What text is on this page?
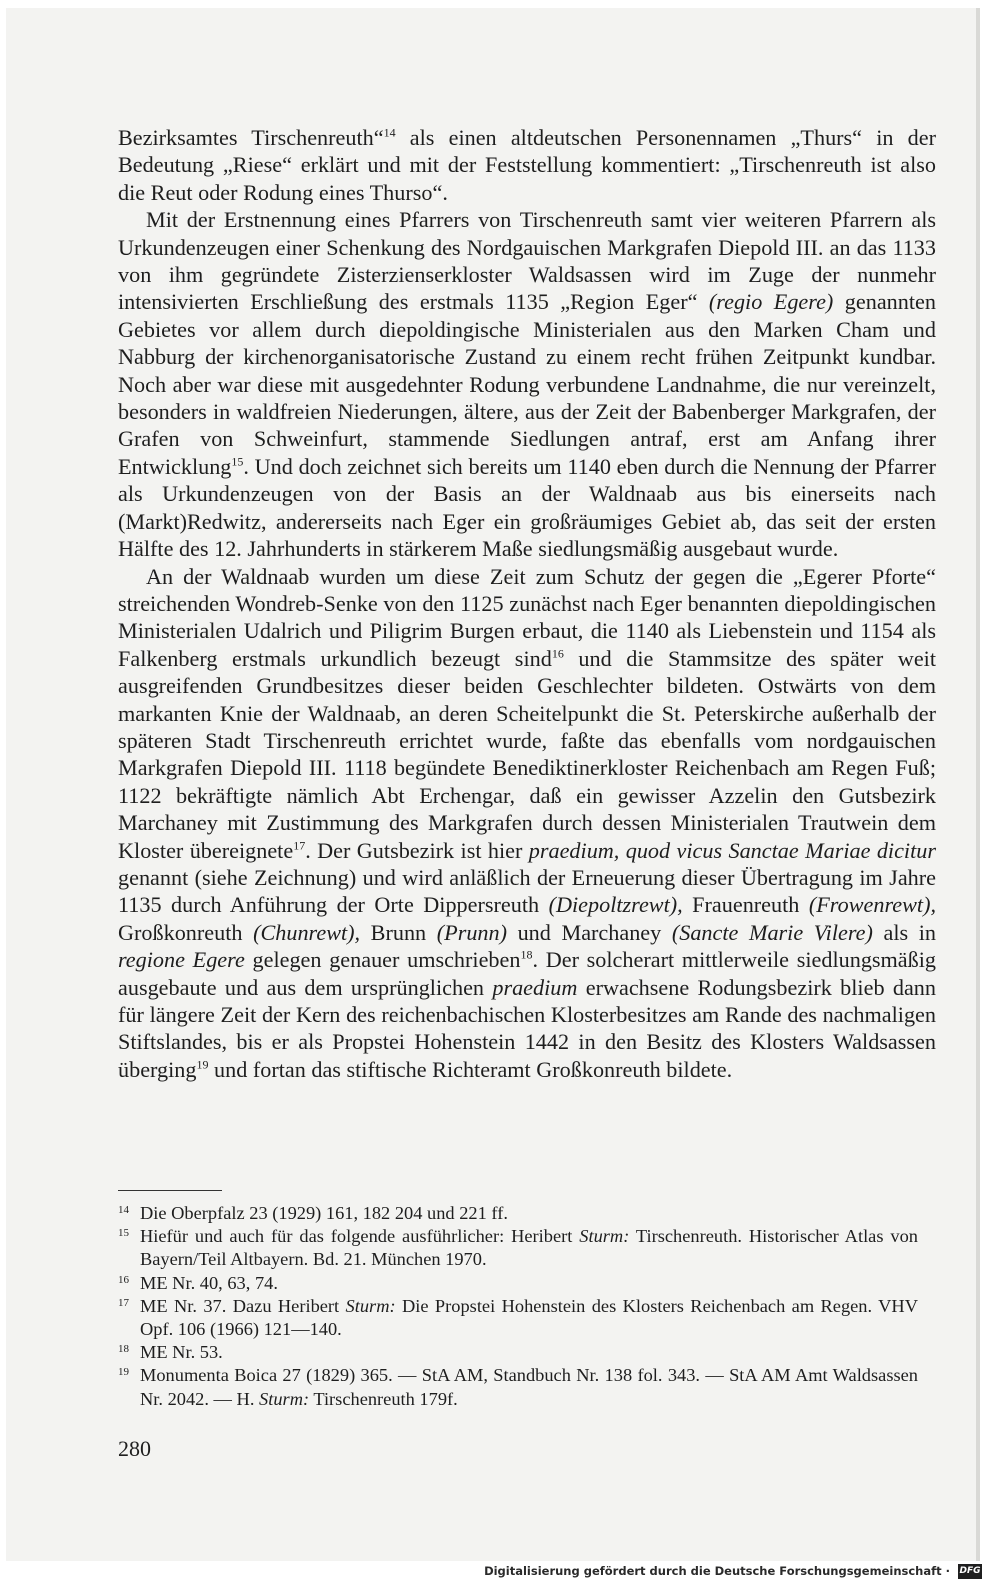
Bezirksamtes Tirschenreuth“$^{14}$ als einen altdeutschen Personennamen „Thurs“ in der Bedeutung „Riese“ erklärt und mit der Feststellung kommentiert: „Tirschenreuth ist also die Reut oder Rodung eines Thurso“.

Mit der Erstnennung eines Pfarrers von Tirschenreuth samt vier weiteren Pfarrern als Urkundenzeugen einer Schenkung des Nordgauischen Markgrafen Diepold III. an das 1133 von ihm gegründete Zisterzienserkloster Waldsassen wird im Zuge der nunmehr intensivierten Erschließung des erstmals 1135 „Region Eger“ (regio Egere) genannten Gebietes vor allem durch diepoldingische Ministerialen aus den Marken Cham und Nabburg der kirchenorganisatorische Zustand zu einem recht frühen Zeitpunkt kundbar. Noch aber war diese mit ausgedehnter Rodung verbundene Landnahme, die nur vereinzelt, besonders in waldfreien Niederungen, ältere, aus der Zeit der Babenberger Markgrafen, der Grafen von Schweinfurt, stammende Siedlungen antraf, erst am Anfang ihrer Entwicklung$^{15}$. Und doch zeichnet sich bereits um 1140 eben durch die Nennung der Pfarrer als Urkundenzeugen von der Basis an der Waldnaab aus bis einerseits nach (Markt)Redwitz, andererseits nach Eger ein großräumiges Gebiet ab, das seit der ersten Hälfte des 12. Jahrhunderts in stärkerem Maße siedlungsmäßig ausgebaut wurde.

An der Waldnaab wurden um diese Zeit zum Schutz der gegen die „Egerer Pforte“ streichenden Wondreb-Senke von den 1125 zunächst nach Eger benannten diepoldingischen Ministerialen Udalrich und Piligrim Burgen erbaut, die 1140 als Liebenstein und 1154 als Falkenberg erstmals urkundlich bezeugt sind$^{16}$ und die Stammsitze des später weit ausgreifenden Grundbesitzes dieser beiden Geschlechter bildeten. Ostwärts von dem markanten Knie der Waldnaab, an deren Scheitelpunkt die St. Peterskirche außerhalb der späteren Stadt Tirschenreuth errichtet wurde, faßte das ebenfalls vom nordgauischen Markgrafen Diepold III. 1118 begündete Benediktinerkloster Reichenbach am Regen Fuß; 1122 bekräftigte nämlich Abt Erchengar, daß ein gewisser Azzelin den Gutsbezirk Marchaney mit Zustimmung des Markgrafen durch dessen Ministerialen Trautwein dem Kloster übereignete$^{17}$. Der Gutsbezirk ist hier praedium, quod vicus Sanctae Mariae dicitur genannt (siehe Zeichnung) und wird anläßlich der Erneuerung dieser Übertragung im Jahre 1135 durch Anführung der Orte Dippersreuth (Diepoltzrewt), Frauenreuth (Frowenrewt), Großkonreuth (Chunrewt), Brunn (Prunn) und Marchaney (Sancte Marie Vilere) als in regione Egere gelegen genauer umschrieben$^{18}$. Der solcherart mittlerweile siedlungsmäßig ausgebaute und aus dem ursprünglichen praedium erwachsene Rodungsbezirk blieb dann für längere Zeit der Kern des reichenbachischen Klosterbesitzes am Rande des nachmaligen Stiftslandes, bis er als Propstei Hohenstein 1442 in den Besitz des Klosters Waldsassen überging$^{19}$ und fortan das stiftische Richteramt Großkonreuth bildete.

14 Die Oberpfalz 23 (1929) 161, 182 204 und 221 ff.
15 Hiefür und auch für das folgende ausführlicher: Heribert Sturm: Tirschenreuth. Historischer Atlas von Bayern/Teil Altbayern. Bd. 21. München 1970.
16 ME Nr. 40, 63, 74.
17 ME Nr. 37. Dazu Heribert Sturm: Die Propstei Hohenstein des Klosters Reichenbach am Regen. VHV Opf. 106 (1966) 121—140.
18 ME Nr. 53.
19 Monumenta Boica 27 (1829) 365. — StA AM, Standbuch Nr. 138 fol. 343. — StA AM Amt Waldsassen Nr. 2042. — H. Sturm: Tirschenreuth 179f.
280
Digitalisierung gefördert durch die Deutsche Forschungsgemeinschaft · DFG
